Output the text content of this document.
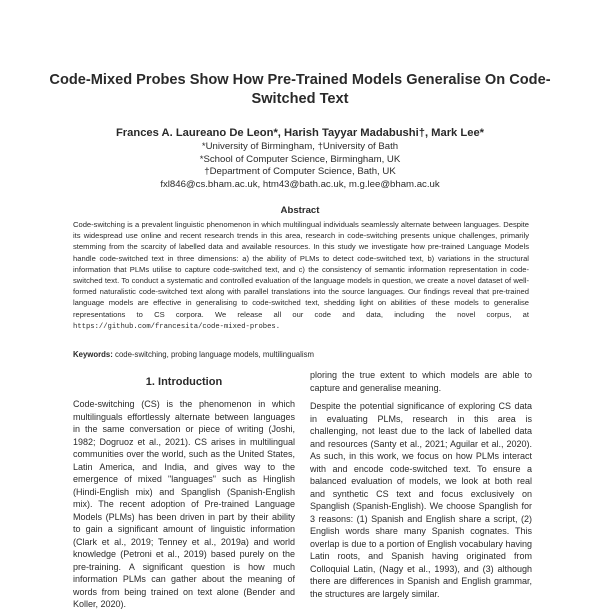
Code-Mixed Probes Show How Pre-Trained Models Generalise On Code-Switched Text
Frances A. Laureano De Leon*, Harish Tayyar Madabushi†, Mark Lee*
*University of Birmingham, †University of Bath
*School of Computer Science, Birmingham, UK
†Department of Computer Science, Bath, UK
fxl846@cs.bham.ac.uk, htm43@bath.ac.uk, m.g.lee@bham.ac.uk
Abstract
Code-switching is a prevalent linguistic phenomenon in which multilingual individuals seamlessly alternate between languages. Despite its widespread use online and recent research trends in this area, research in code-switching presents unique challenges, primarily stemming from the scarcity of labelled data and available resources. In this study we investigate how pre-trained Language Models handle code-switched text in three dimensions: a) the ability of PLMs to detect code-switched text, b) variations in the structural information that PLMs utilise to capture code-switched text, and c) the consistency of semantic information representation in code-switched text. To conduct a systematic and controlled evaluation of the language models in question, we create a novel dataset of well-formed naturalistic code-switched text along with parallel translations into the source languages. Our findings reveal that pre-trained language models are effective in generalising to code-switched text, shedding light on abilities of these models to generalise representations to CS corpora. We release all our code and data, including the novel corpus, at https://github.com/francesita/code-mixed-probes.
Keywords: code-switching, probing language models, multilingualism
1. Introduction

Code-switching (CS) is the phenomenon in which multilinguals effortlessly alternate between languages in the same conversation or piece of writing (Joshi, 1982; Dogruoz et al., 2021). CS arises in multilingual communities over the world, such as the United States, Latin America, and India, and gives way to the emergence of mixed "languages" such as Hinglish (Hindi-English mix) and Spanglish (Spanish-English mix). The recent adoption of Pre-trained Language Models (PLMs) has been driven in part by their ability to gain a significant amount of linguistic information (Clark et al., 2019; Tenney et al., 2019a) and world knowledge (Petroni et al., 2019) based purely on the pre-training. A significant question is how much information PLMs can gather about the meaning of words from being trained on text alone (Bender and Koller, 2020).

ploring the true extent to which models are able to capture and generalise meaning.

Despite the potential significance of exploring CS data in evaluating PLMs, research in this area is challenging, not least due to the lack of labelled data and resources (Santy et al., 2021; Aguilar et al., 2020). As such, in this work, we focus on how PLMs interact with and encode code-switched text. To ensure a balanced evaluation of models, we look at both real and synthetic CS text and focus exclusively on Spanglish (Spanish-English). We choose Spanglish for 3 reasons: (1) Spanish and English share a script, (2) English words share many Spanish cognates. This overlap is due to a portion of English vocabulary having Latin roots, and Spanish having originated from Colloquial Latin, (Nagy et al., 1993), and (3) although there are differences in Spanish and English grammar, the structures are largely similar.
